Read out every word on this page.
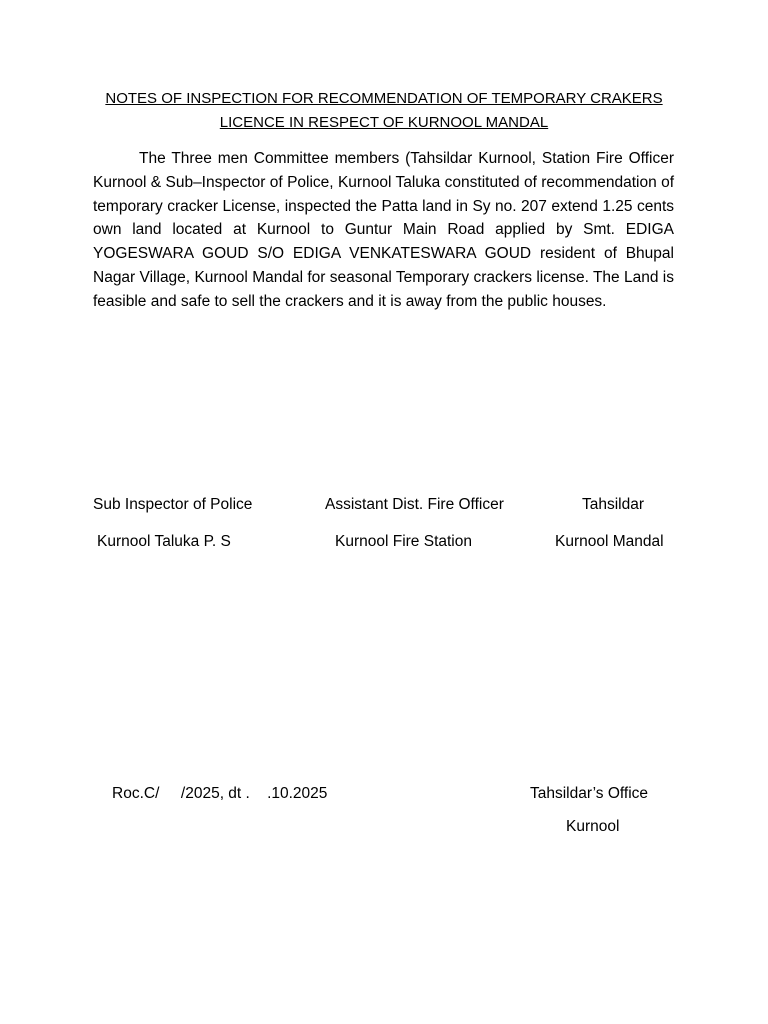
NOTES OF INSPECTION FOR RECOMMENDATION OF TEMPORARY CRAKERS
LICENCE IN RESPECT OF KURNOOL MANDAL

The Three men Committee members (Tahsildar Kurnool, Station Fire Officer Kurnool & Sub–Inspector of Police, Kurnool Taluka constituted of recommendation of temporary cracker License, inspected the Patta land in Sy no. 207 extend 1.25 cents own land located at Kurnool to Guntur Main Road applied by Smt. EDIGA YOGESWARA GOUD S/O EDIGA VENKATESWARA GOUD resident of Bhupal Nagar Village, Kurnool Mandal for seasonal Temporary crackers license. The Land is feasible and safe to sell the crackers and it is away from the public houses.

Sub Inspector of Police
Kurnool Taluka P. S
Assistant Dist. Fire Officer
Kurnool Fire Station
Tahsildar
Kurnool Mandal
Roc.C/     /2025, dt .    .10.2025	Tahsildar’s Office
Kurnool
